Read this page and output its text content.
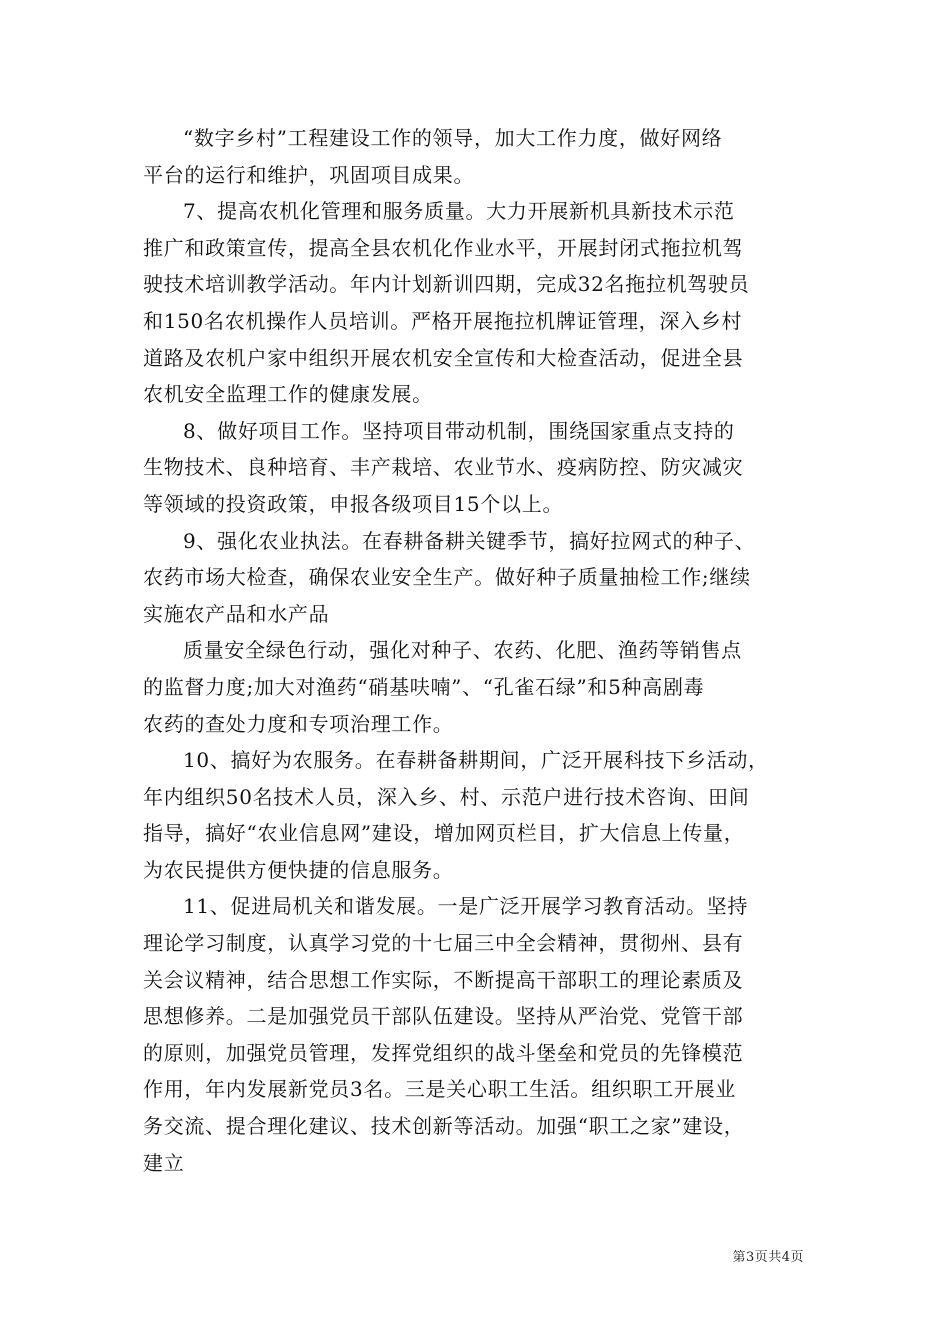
“数字乡村”工程建设工作的领导，加大工作力度，做好网络
平台的运行和维护，巩固项目成果。
7、提高农机化管理和服务质量。大力开展新机具新技术示范
推广和政策宣传，提高全县农机化作业水平，开展封闭式拖拉机驾
驶技术培训教学活动。年内计划新训四期，完成32名拖拉机驾驶员
和150名农机操作人员培训。严格开展拖拉机牌证管理，深入乡村
道路及农机户家中组织开展农机安全宣传和大检查活动，促进全县
农机安全监理工作的健康发展。
8、做好项目工作。坚持项目带动机制，围绕国家重点支持的
生物技术、良种培育、丰产栽培、农业节水、疫病防控、防灾减灾
等领域的投资政策，申报各级项目15个以上。
9、强化农业执法。在春耕备耕关键季节，搞好拉网式的种子、
农药市场大检查，确保农业安全生产。做好种子质量抽检工作;继续
实施农产品和水产品
质量安全绿色行动，强化对种子、农药、化肥、渔药等销售点
的监督力度;加大对渔药“硝基呋喃”、“孔雀石绿”和5种高剧毒
农药的查处力度和专项治理工作。
10、搞好为农服务。在春耕备耕期间，广泛开展科技下乡活动，
年内组织50名技术人员，深入乡、村、示范户进行技术咨询、田间
指导，搞好“农业信息网”建设，增加网页栏目，扩大信息上传量，
为农民提供方便快捷的信息服务。
11、促进局机关和谐发展。一是广泛开展学习教育活动。坚持
理论学习制度，认真学习党的十七届三中全会精神，贯彻州、县有
关会议精神，结合思想工作实际，不断提高干部职工的理论素质及
思想修养。二是加强党员干部队伍建设。坚持从严治党、党管干部
的原则，加强党员管理，发挥党组织的战斗堡垒和党员的先锋模范
作用，年内发展新党员3名。三是关心职工生活。组织职工开展业
务交流、提合理化建议、技术创新等活动。加强“职工之家”建设，
建立
第3页共4页
